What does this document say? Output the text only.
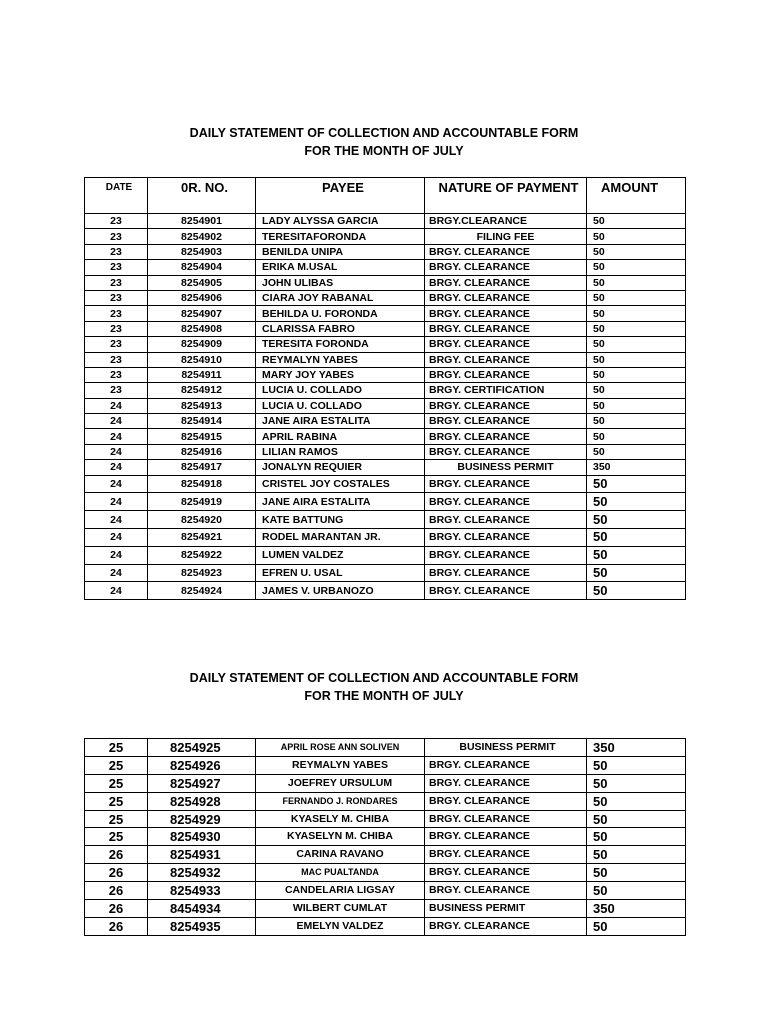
DAILY STATEMENT OF COLLECTION AND ACCOUNTABLE FORM
FOR THE MONTH OF JULY
DATE	0R. NO.	PAYEE	NATURE OF PAYMENT	AMOUNT
23	8254901	LADY ALYSSA GARCIA	BRGY.CLEARANCE	50
23	8254902	TERESITAFORONDA	FILING FEE	50
23	8254903	BENILDA UNIPA	BRGY. CLEARANCE	50
23	8254904	ERIKA M.USAL	BRGY. CLEARANCE	50
23	8254905	JOHN ULIBAS	BRGY. CLEARANCE	50
23	8254906	CIARA JOY RABANAL	BRGY. CLEARANCE	50
23	8254907	BEHILDA U. FORONDA	BRGY. CLEARANCE	50
23	8254908	CLARISSA FABRO	BRGY. CLEARANCE	50
23	8254909	TERESITA FORONDA	BRGY. CLEARANCE	50
23	8254910	REYMALYN YABES	BRGY. CLEARANCE	50
23	8254911	MARY JOY YABES	BRGY. CLEARANCE	50
23	8254912	LUCIA U. COLLADO	BRGY. CERTIFICATION	50
24	8254913	LUCIA U. COLLADO	BRGY. CLEARANCE	50
24	8254914	JANE AIRA ESTALITA	BRGY. CLEARANCE	50
24	8254915	APRIL RABINA	BRGY. CLEARANCE	50
24	8254916	LILIAN RAMOS	BRGY. CLEARANCE	50
24	8254917	JONALYN REQUIER	BUSINESS PERMIT	350
24	8254918	CRISTEL JOY COSTALES	BRGY. CLEARANCE	50
24	8254919	JANE AIRA ESTALITA	BRGY. CLEARANCE	50
24	8254920	KATE BATTUNG	BRGY. CLEARANCE	50
24	8254921	RODEL MARANTAN JR.	BRGY. CLEARANCE	50
24	8254922	LUMEN VALDEZ	BRGY. CLEARANCE	50
24	8254923	EFREN U. USAL	BRGY. CLEARANCE	50
24	8254924	JAMES V. URBANOZO	BRGY. CLEARANCE	50
DAILY STATEMENT OF COLLECTION AND ACCOUNTABLE FORM
FOR THE MONTH OF JULY
25	8254925	APRIL ROSE ANN SOLIVEN	BUSINESS PERMIT	350
25	8254926	REYMALYN YABES	BRGY. CLEARANCE	50
25	8254927	JOEFREY URSULUM	BRGY. CLEARANCE	50
25	8254928	FERNANDO J. RONDARES	BRGY. CLEARANCE	50
25	8254929	KYASELY M. CHIBA	BRGY. CLEARANCE	50
25	8254930	KYASELYN M. CHIBA	BRGY. CLEARANCE	50
26	8254931	CARINA RAVANO	BRGY. CLEARANCE	50
26	8254932	MAC PUALTANDA	BRGY. CLEARANCE	50
26	8254933	CANDELARIA LIGSAY	BRGY. CLEARANCE	50
26	8454934	WILBERT CUMLAT	BUSINESS PERMIT	350
26	8254935	EMELYN VALDEZ	BRGY. CLEARANCE	50
